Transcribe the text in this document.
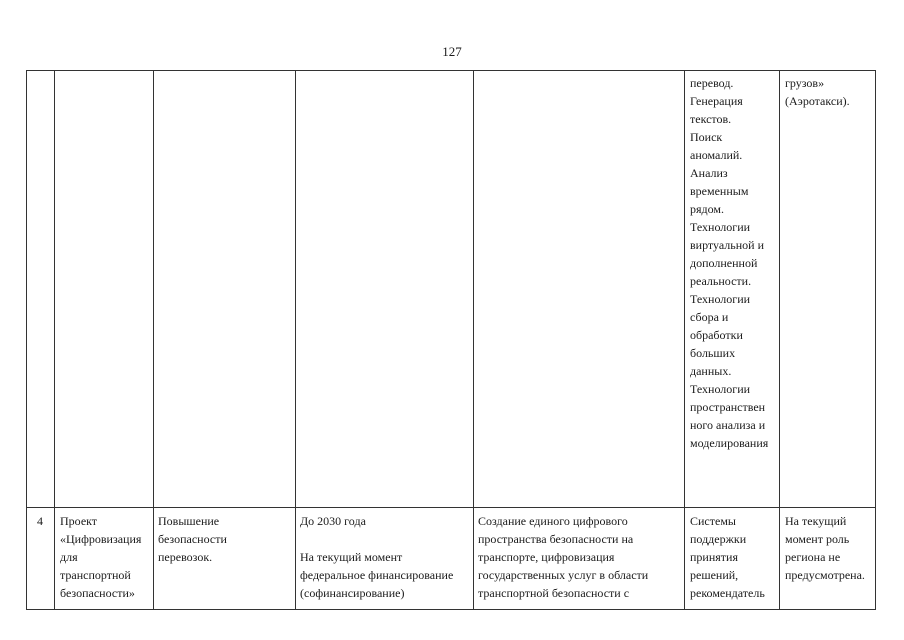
127
перевод.
Генерация
текстов.
Поиск
аномалий.
Анализ
временным
рядом.
Технологии
виртуальной и
дополненной
реальности.
Технологии
сбора и
обработки
больших
данных.
Технологии
пространствен
ного анализа и
моделирования
грузов»
(Аэротакси).
4	Проект
«Цифровизация
для
транспортной
безопасности»
Повышение
безопасности
перевозок.
До 2030 года

На текущий момент
федеральное финансирование
(софинансирование)
Создание единого цифрового
пространства безопасности на
транспорте, цифровизация
государственных услуг в области
транспортной безопасности с
Системы
поддержки
принятия
решений,
рекомендатель
На текущий
момент роль
региона не
предусмотрена.
